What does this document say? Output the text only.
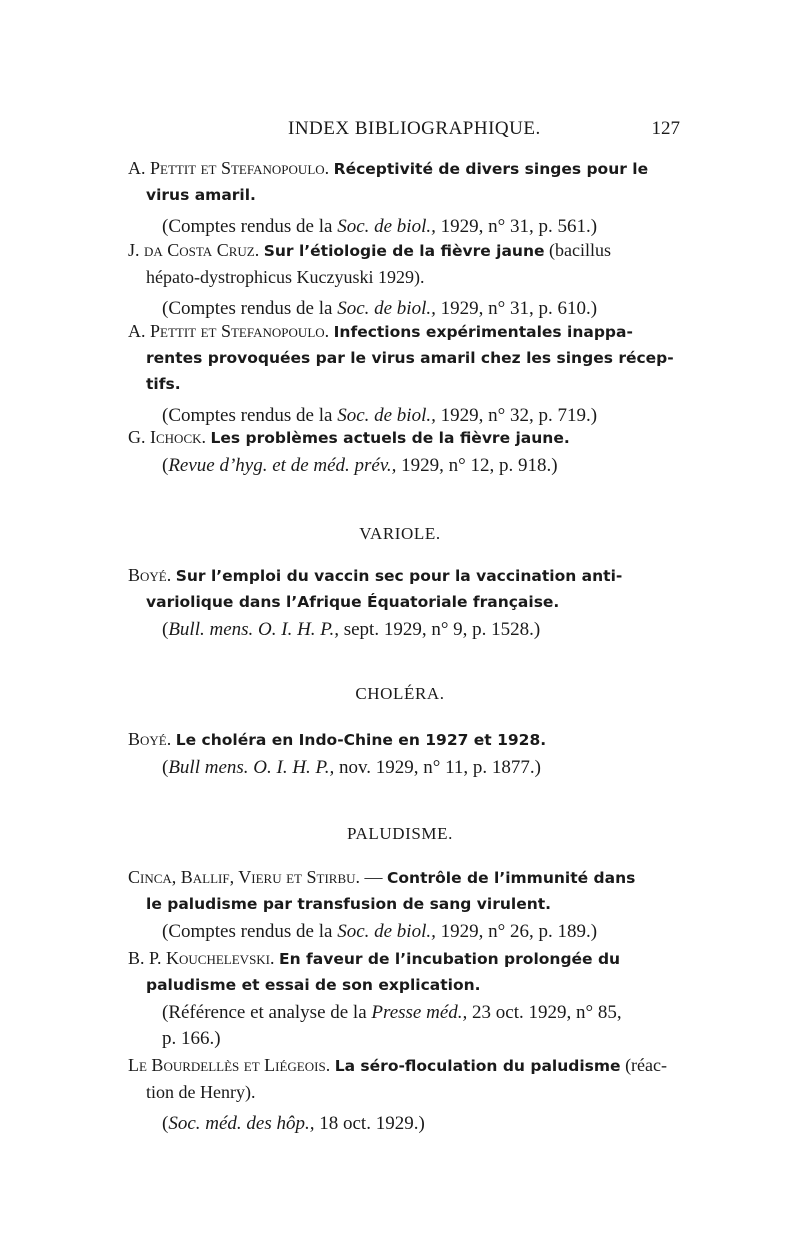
INDEX BIBLIOGRAPHIQUE.	127
A. Pettit et Stefanopoulo. Réceptivité de divers singes pour le
virus amaril.
(Comptes rendus de la Soc. de biol., 1929, n° 31, p. 561.)
J. da Costa Cruz. Sur l’étiologie de la fièvre jaune (bacillus
hépato-dystrophicus Kuczyuski 1929).
(Comptes rendus de la Soc. de biol., 1929, n° 31, p. 610.)
A. Pettit et Stefanopoulo. Infections expérimentales inappa-
rentes provoquées par le virus amaril chez les singes récep-
tifs.
(Comptes rendus de la Soc. de biol., 1929, n° 32, p. 719.)
G. Ichock. Les problèmes actuels de la fièvre jaune.
(Revue d’hyg. et de méd. prév., 1929, n° 12, p. 918.)
VARIOLE.
Boyé. Sur l’emploi du vaccin sec pour la vaccination anti-
variolique dans l’Afrique Équatoriale française.
(Bull. mens. O. I. H. P., sept. 1929, n° 9, p. 1528.)
CHOLÉRA.
Boyé. Le choléra en Indo-Chine en 1927 et 1928.
(Bull mens. O. I. H. P., nov. 1929, n° 11, p. 1877.)
PALUDISME.
Cinca, Ballif, Vieru et Stirbu. — Contrôle de l’immunité dans
le paludisme par transfusion de sang virulent.
(Comptes rendus de la Soc. de biol., 1929, n° 26, p. 189.)
B. P. Kouchelevski. En faveur de l’incubation prolongée du
paludisme et essai de son explication.
(Référence et analyse de la Presse méd., 23 oct. 1929, n° 85,
p. 166.)
Le Bourdellès et Liégeois. La séro-floculation du paludisme (réac-
tion de Henry).
(Soc. méd. des hôp., 18 oct. 1929.)
